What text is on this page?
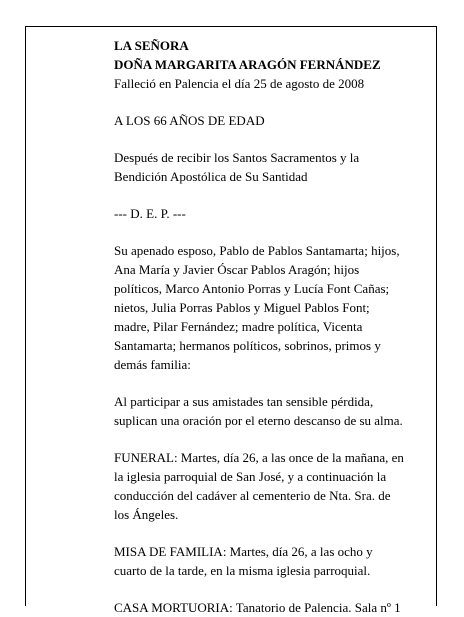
LA SEÑORA
DOÑA MARGARITA ARAGÓN FERNÁNDEZ
Falleció en Palencia el día 25 de agosto de 2008
A LOS 66 AÑOS DE EDAD
Después de recibir los Santos Sacramentos y la
Bendición Apostólica de Su Santidad
--- D. E. P. ---
Su apenado esposo, Pablo de Pablos Santamarta; hijos,
Ana María y Javier Óscar Pablos Aragón; hijos
políticos, Marco Antonio Porras y Lucía Font Cañas;
nietos, Julia Porras Pablos y Miguel Pablos Font;
madre, Pilar Fernández; madre política, Vicenta
Santamarta; hermanos políticos, sobrinos, primos y
demás familia:
Al participar a sus amistades tan sensible pérdida,
suplican una oración por el eterno descanso de su alma.
FUNERAL: Martes, día 26, a las once de la mañana, en
la iglesia parroquial de San José, y a continuación la
conducción del cadáver al cementerio de Nta. Sra. de
los Ángeles.
MISA DE FAMILIA: Martes, día 26, a las ocho y
cuarto de la tarde, en la misma iglesia parroquial.
CASA MORTUORIA: Tanatorio de Palencia. Sala nº 1
